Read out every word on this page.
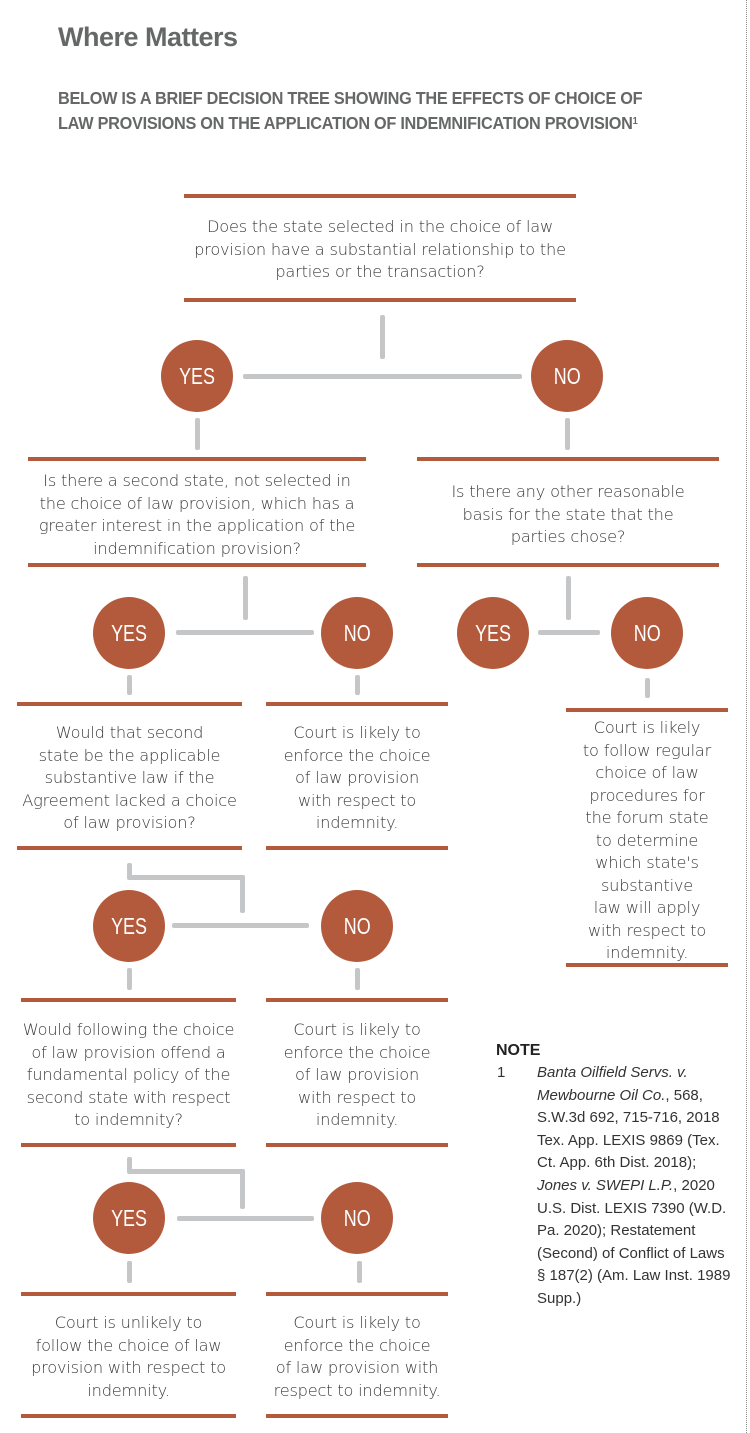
Where Matters
BELOW IS A BRIEF DECISION TREE SHOWING THE EFFECTS OF CHOICE OF
LAW PROVISIONS ON THE APPLICATION OF INDEMNIFICATION PROVISION$^1$
Does the state selected in the choice of law
provision have a substantial relationship to the
parties or the transaction?
YES	NO
Is there a second state, not selected in
the choice of law provision, which has a
greater interest in the application of the
indemnification provision?
Is there any other reasonable
basis for the state that the
parties chose?
YES	NO	YES	NO
Would that second
state be the applicable
substantive law if the
Agreement lacked a choice
of law provision?
Court is likely to
enforce the choice
of law provision
with respect to
indemnity.
Court is likely
to follow regular
choice of law
procedures for
the forum state
to determine
which state's
substantive
law will apply
with respect to
indemnity.
YES	NO
Would following the choice
of law provision offend a
fundamental policy of the
second state with respect
to indemnity?
Court is likely to
enforce the choice
of law provision
with respect to
indemnity.
YES	NO
Court is unlikely to
follow the choice of law
provision with respect to
indemnity.
Court is likely to
enforce the choice
of law provision with
respect to indemnity.
NOTE
1 Banta Oilfield Servs. v. Mewbourne Oil Co., 568, S.W.3d 692, 715-716, 2018 Tex. App. LEXIS 9869 (Tex. Ct. App. 6th Dist. 2018); Jones v. SWEPI L.P., 2020 U.S. Dist. LEXIS 7390 (W.D. Pa. 2020); Restatement (Second) of Conflict of Laws § 187(2) (Am. Law Inst. 1989 Supp.)
